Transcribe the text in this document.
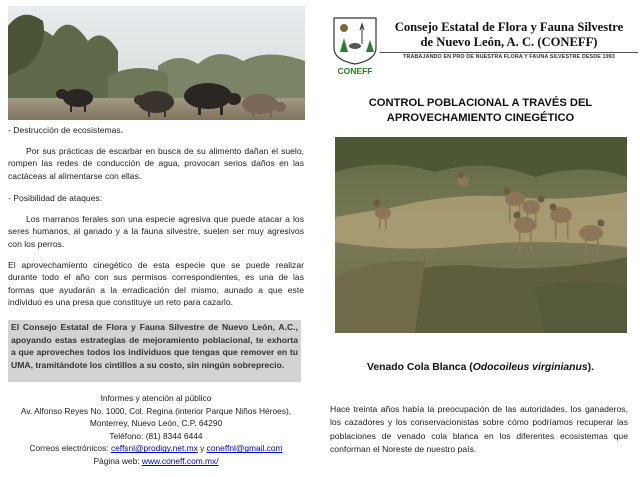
- Destrucción de ecosistemas.
Por sus prácticas de escarbar en busca de su alimento dañan el suelo, rompen las redes de conducción de agua, provocan serios daños en las cactáceas al alimentarse con ellas.
- Posibilidad de ataques:
Los marranos ferales son una especie agresiva que puede atacar a los seres humanos, al ganado y a la fauna silvestre, suelen ser muy agresivos con los perros.
El aprovechamiento cinegético de esta especie que se puede realizar durante todo el año con sus permisos correspondientes, es una de las formas que ayudarán a la erradicación del mismo, aunado a que este individuo es una presa que constituye un reto para cazarlo.
El Consejo Estatal de Flora y Fauna Silvestre de Nuevo León, A.C., apoyando estas estrategias de mejoramiento poblacional, te exhorta a que aproveches todos los individuos que tengas que remover en tu UMA, tramitándote los cintillos a su costo, sin ningún sobreprecio.
Informes y atención al público
Av. Alfonso Reyes No. 1000, Col. Regina (interior Parque Niños Héroes),
Monterrey, Nuevo León, C.P. 64290
Teléfono: (81) 8344 6444
Correos electrónicos: ceffsnl@prodigy.net.mx y coneffnl@gmail.com
Página web: www.coneff.com.mx/
CONEFF
Consejo Estatal de Flora y Fauna Silvestre
de Nuevo León, A. C. (CONEFF)
TRABAJANDO EN PRO DE NUESTRA FLORA Y FAUNA SILVESTRE DESDE 1993
CONTROL POBLACIONAL A TRAVÉS DEL
APROVECHAMIENTO CINEGÉTICO
Venado Cola Blanca (Odocoileus virginianus).
Hace treinta años había la preocupación de las autoridades, los ganaderos, los cazadores y los conservacionistas sobre cómo podríamos recuperar las poblaciones de venado cola blanca en los diferentes ecosistemas que conforman el Noreste de nuestro país.
